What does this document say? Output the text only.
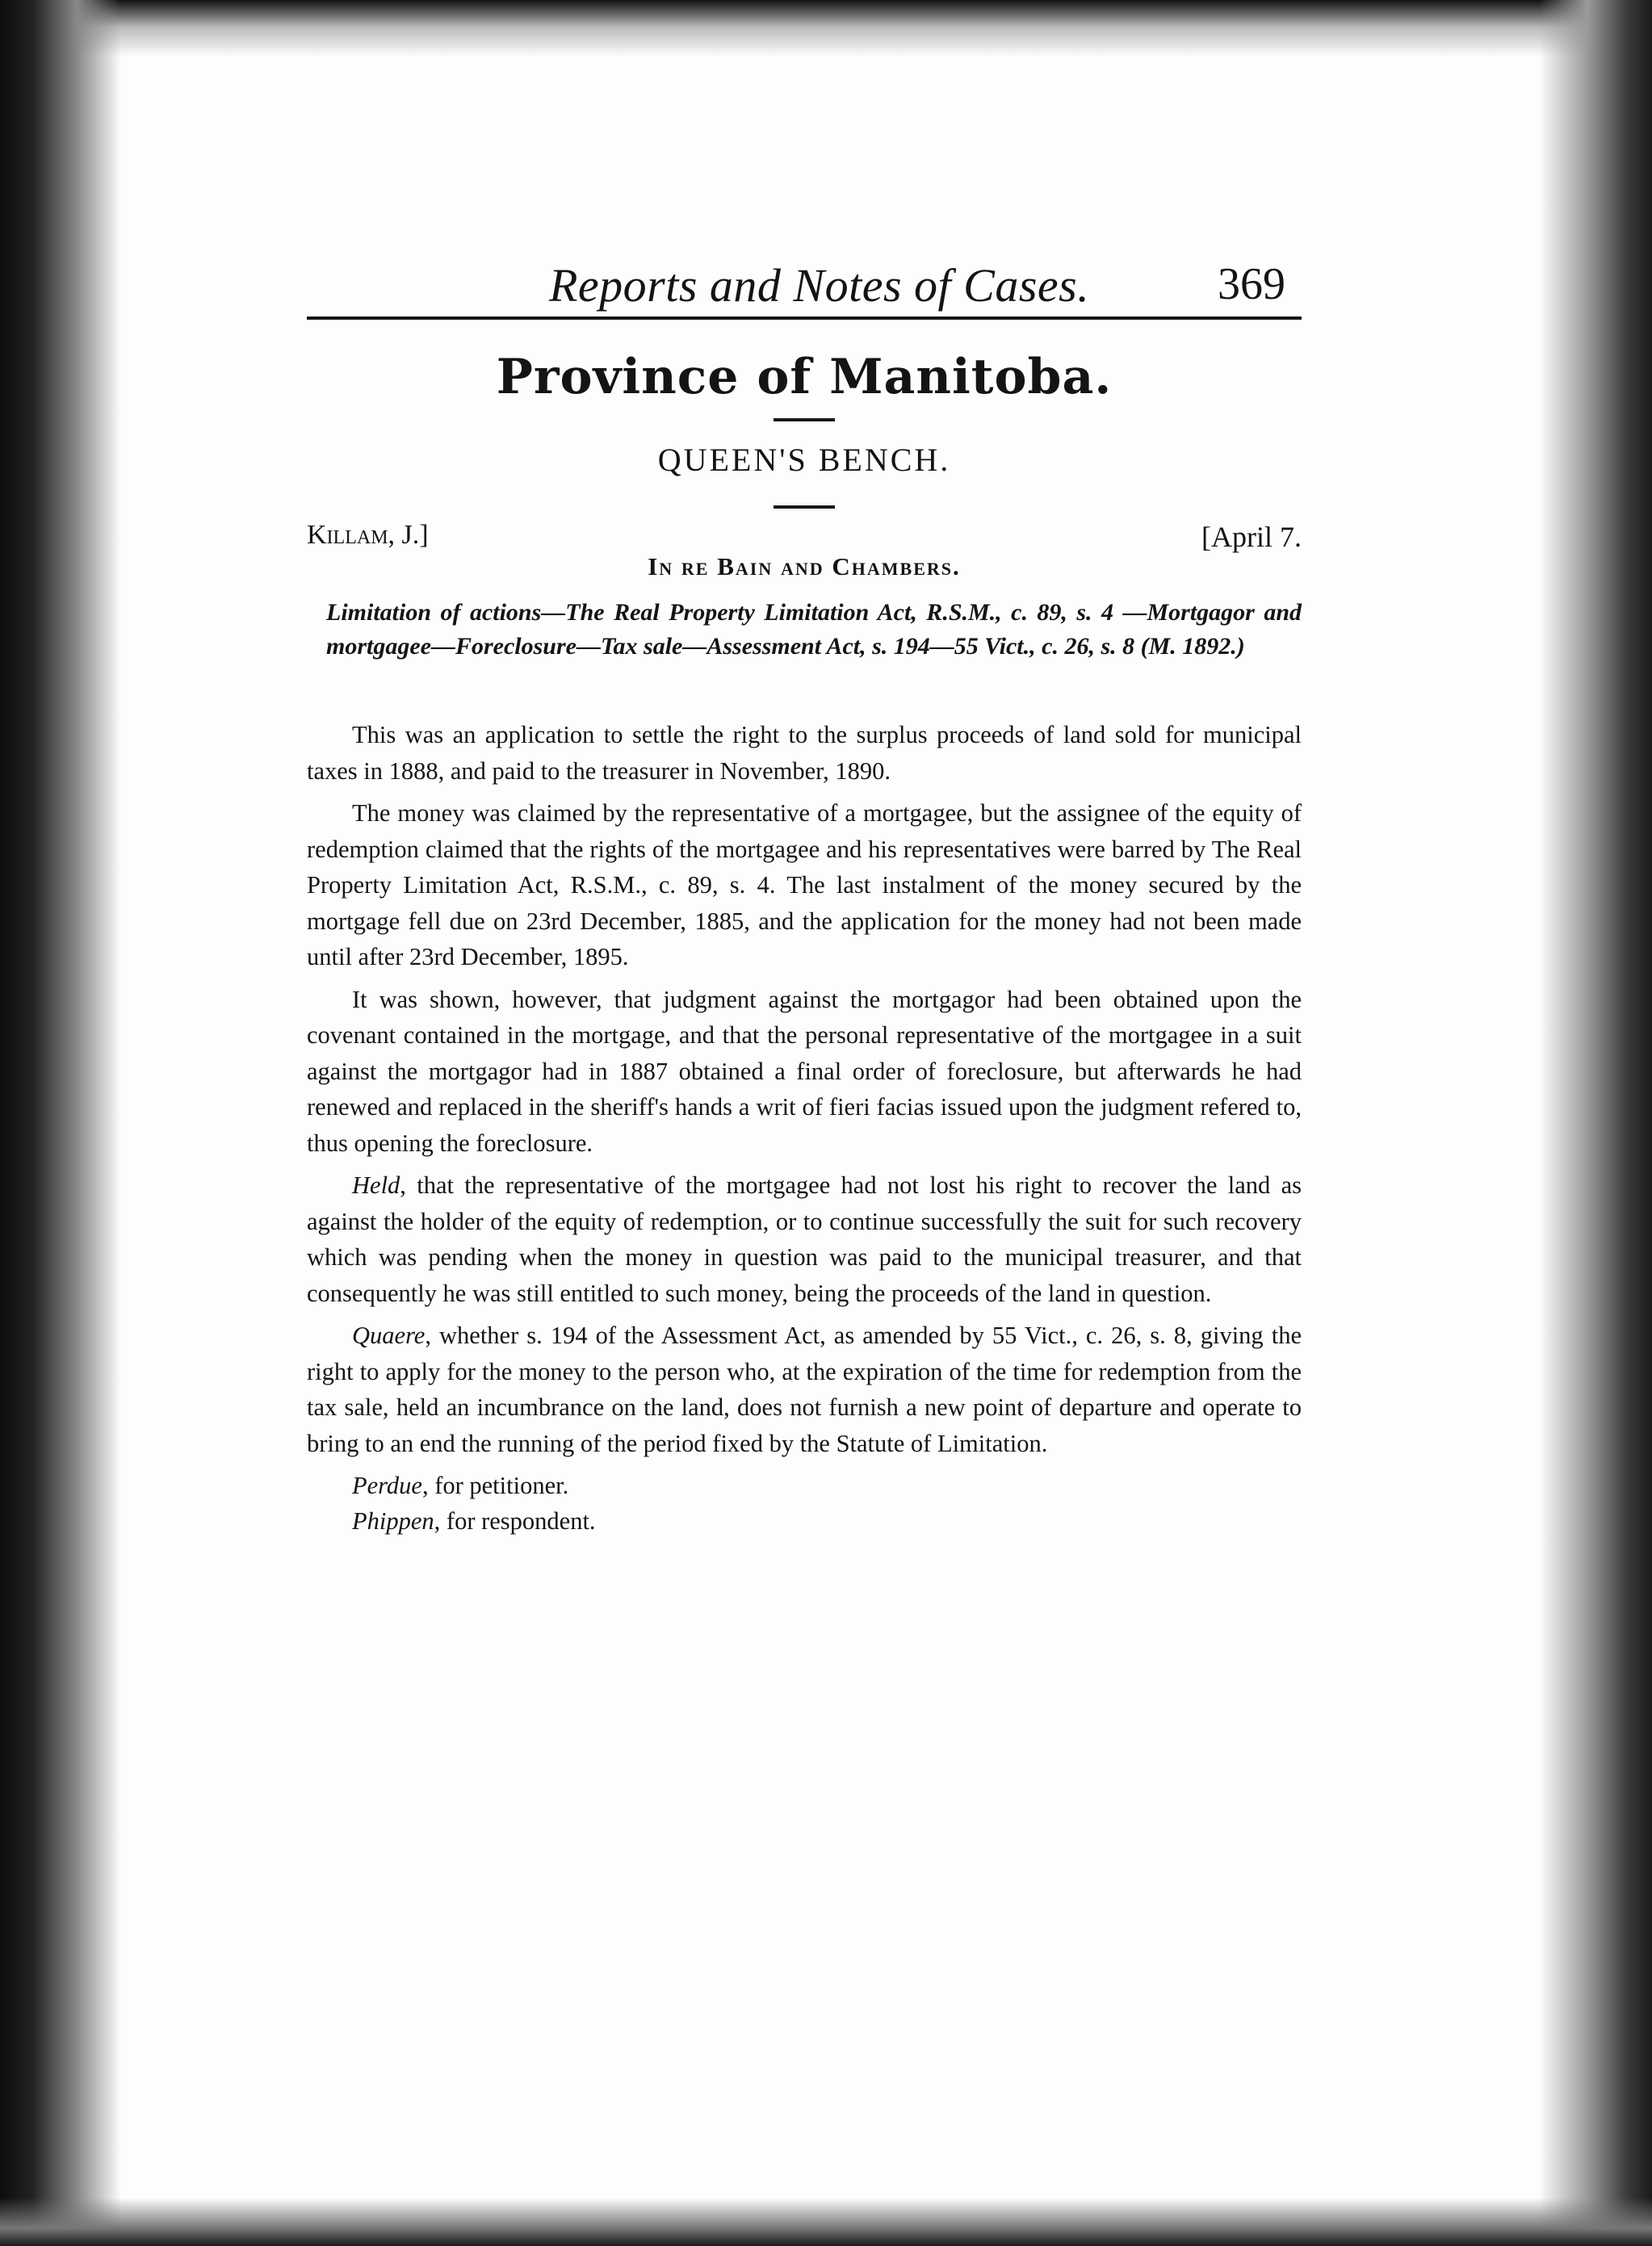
Reports and Notes of Cases.	369
Province of Manitoba.
QUEEN'S BENCH.
Killam, J.]	[April 7.
In re Bain and Chambers.
Limitation of actions—The Real Property Limitation Act, R.S.M., c. 89, s. 4 —Mortgagor and mortgagee—Foreclosure—Tax sale—Assessment Act, s. 194—55 Vict., c. 26, s. 8 (M. 1892.)

This was an application to settle the right to the surplus proceeds of land sold for municipal taxes in 1888, and paid to the treasurer in November, 1890.

The money was claimed by the representative of a mortgagee, but the assignee of the equity of redemption claimed that the rights of the mortgagee and his representatives were barred by The Real Property Limitation Act, R.S.M., c. 89, s. 4. The last instalment of the money secured by the mortgage fell due on 23rd December, 1885, and the application for the money had not been made until after 23rd December, 1895.

It was shown, however, that judgment against the mortgagor had been obtained upon the covenant contained in the mortgage, and that the personal representative of the mortgagee in a suit against the mortgagor had in 1887 obtained a final order of foreclosure, but afterwards he had renewed and replaced in the sheriff's hands a writ of fieri facias issued upon the judgment refered to, thus opening the foreclosure.

Held, that the representative of the mortgagee had not lost his right to recover the land as against the holder of the equity of redemption, or to continue successfully the suit for such recovery which was pending when the money in question was paid to the municipal treasurer, and that consequently he was still entitled to such money, being the proceeds of the land in question.

Quaere, whether s. 194 of the Assessment Act, as amended by 55 Vict., c. 26, s. 8, giving the right to apply for the money to the person who, at the expiration of the time for redemption from the tax sale, held an incumbrance on the land, does not furnish a new point of departure and operate to bring to an end the running of the period fixed by the Statute of Limitation.

Perdue, for petitioner.

Phippen, for respondent.
